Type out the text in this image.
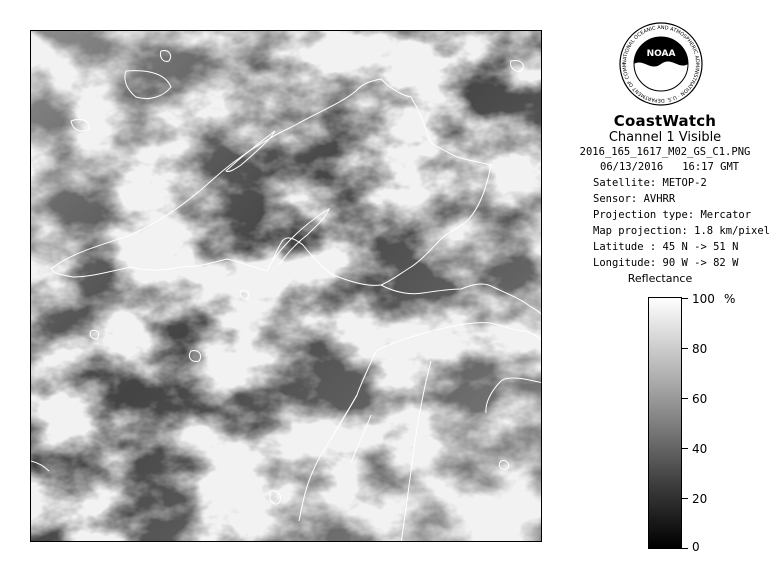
NATIONAL OCEANIC AND ATMOSPHERIC ADMINISTRATION · U.S. DEPARTMENT OF COMM
NOAA
CoastWatch
Channel 1 Visible
2016_165_1617_M02_GS_C1.PNG
06/13/2016 16:17 GMT
Satellite: METOP-2
Sensor: AVHRR
Projection type: Mercator
Map projection: 1.8 km/pixel
Latitude : 45 N -> 51 N
Longitude: 90 W -> 82 W
Reflectance
%
100
80
60
40
20
0
